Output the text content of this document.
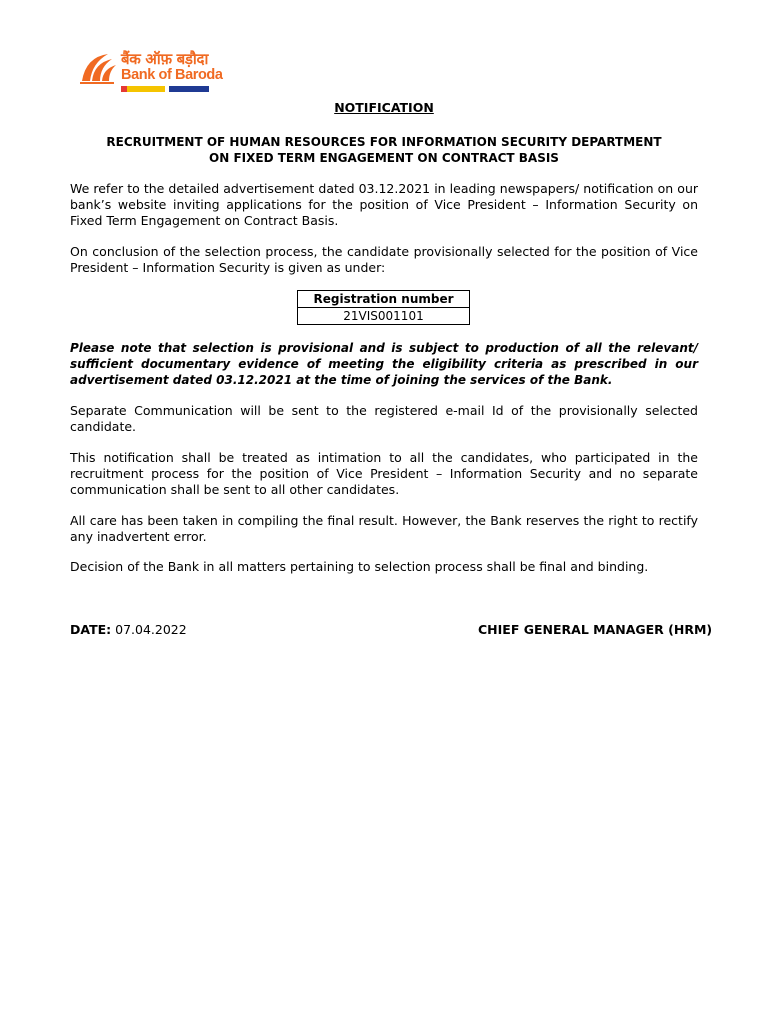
बैंक ऑफ़ बड़ौदा
Bank of Baroda
NOTIFICATION
RECRUITMENT OF HUMAN RESOURCES FOR INFORMATION SECURITY DEPARTMENT
ON FIXED TERM ENGAGEMENT ON CONTRACT BASIS

We refer to the detailed advertisement dated 03.12.2021 in leading newspapers/ notification on our bank’s website inviting applications for the position of Vice President – Information Security on Fixed Term Engagement on Contract Basis.

On conclusion of the selection process, the candidate provisionally selected for the position of Vice President – Information Security is given as under:

Registration number
21VIS001101

Please note that selection is provisional and is subject to production of all the relevant/ sufficient documentary evidence of meeting the eligibility criteria as prescribed in our advertisement dated 03.12.2021 at the time of joining the services of the Bank.

Separate Communication will be sent to the registered e-mail Id of the provisionally selected candidate.

This notification shall be treated as intimation to all the candidates, who participated in the recruitment process for the position of Vice President – Information Security and no separate communication shall be sent to all other candidates.

All care has been taken in compiling the final result. However, the Bank reserves the right to rectify any inadvertent error.

Decision of the Bank in all matters pertaining to selection process shall be final and binding.

DATE: 07.04.2022	CHIEF GENERAL MANAGER (HRM)
